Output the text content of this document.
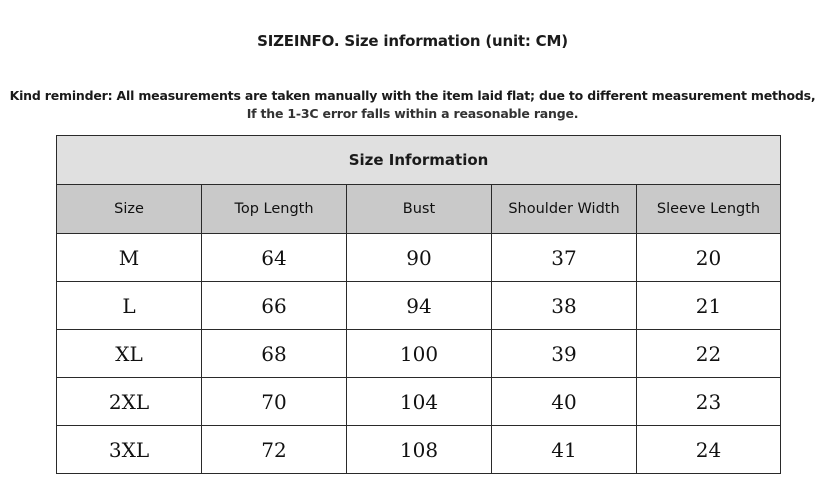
SIZEINFO. Size information (unit: CM)
Kind reminder: All measurements are taken manually with the item laid flat; due to different measurement methods,
If the 1-3C error falls within a reasonable range.
Size Information				
Size	Top Length	Bust	Shoulder Width	Sleeve Length
M	64	90	37	20
L	66	94	38	21
XL	68	100	39	22
2XL	70	104	40	23
3XL	72	108	41	24
